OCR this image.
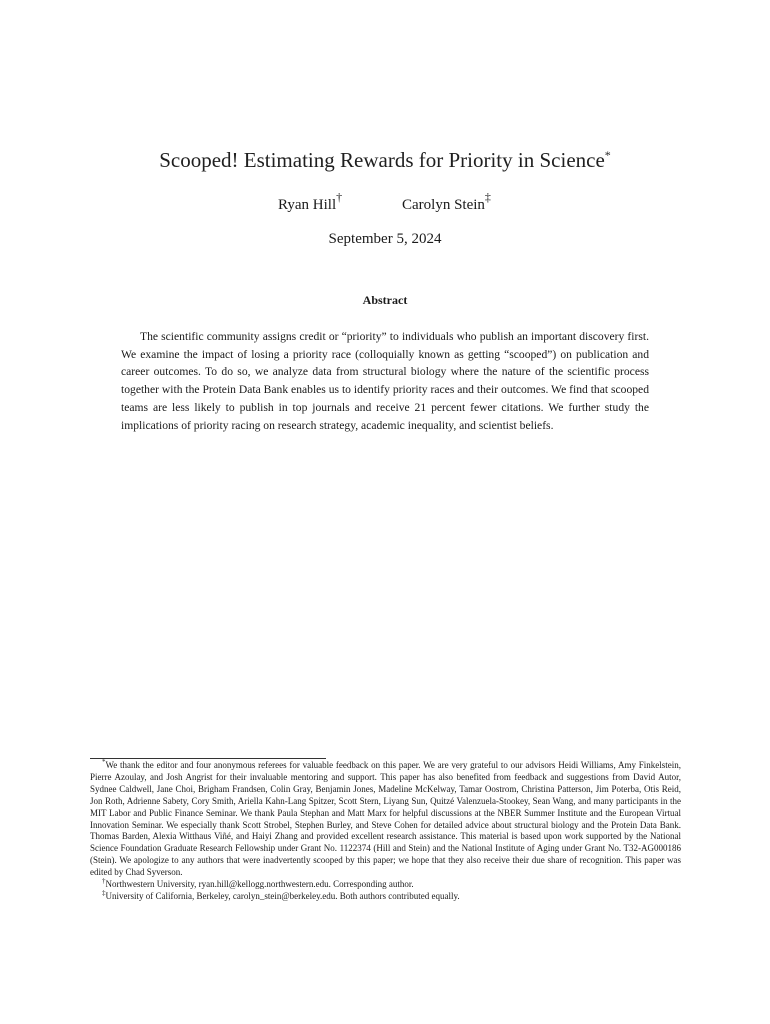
Scooped! Estimating Rewards for Priority in Science*
Ryan Hill†	Carolyn Stein‡
September 5, 2024
Abstract

The scientific community assigns credit or “priority” to individuals who publish an important discovery first. We examine the impact of losing a priority race (colloquially known as getting “scooped”) on publication and career outcomes. To do so, we analyze data from structural biology where the nature of the scientific process together with the Protein Data Bank enables us to identify priority races and their outcomes. We find that scooped teams are less likely to publish in top journals and receive 21 percent fewer citations. We further study the implications of priority racing on research strategy, academic inequality, and scientist beliefs.

*We thank the editor and four anonymous referees for valuable feedback on this paper. We are very grateful to our advisors Heidi Williams, Amy Finkelstein, Pierre Azoulay, and Josh Angrist for their invaluable mentoring and support. This paper has also benefited from feedback and suggestions from David Autor, Sydnee Caldwell, Jane Choi, Brigham Frandsen, Colin Gray, Benjamin Jones, Madeline McKelway, Tamar Oostrom, Christina Patterson, Jim Poterba, Otis Reid, Jon Roth, Adrienne Sabety, Cory Smith, Ariella Kahn-Lang Spitzer, Scott Stern, Liyang Sun, Quitzé Valenzuela-Stookey, Sean Wang, and many participants in the MIT Labor and Public Finance Seminar. We thank Paula Stephan and Matt Marx for helpful discussions at the NBER Summer Institute and the European Virtual Innovation Seminar. We especially thank Scott Strobel, Stephen Burley, and Steve Cohen for detailed advice about structural biology and the Protein Data Bank. Thomas Barden, Alexia Witthaus Viñé, and Haiyi Zhang and provided excellent research assistance. This material is based upon work supported by the National Science Foundation Graduate Research Fellowship under Grant No. 1122374 (Hill and Stein) and the National Institute of Aging under Grant No. T32-AG000186 (Stein). We apologize to any authors that were inadvertently scooped by this paper; we hope that they also receive their due share of recognition. This paper was edited by Chad Syverson.

†Northwestern University, ryan.hill@kellogg.northwestern.edu. Corresponding author.

‡University of California, Berkeley, carolyn_stein@berkeley.edu. Both authors contributed equally.
